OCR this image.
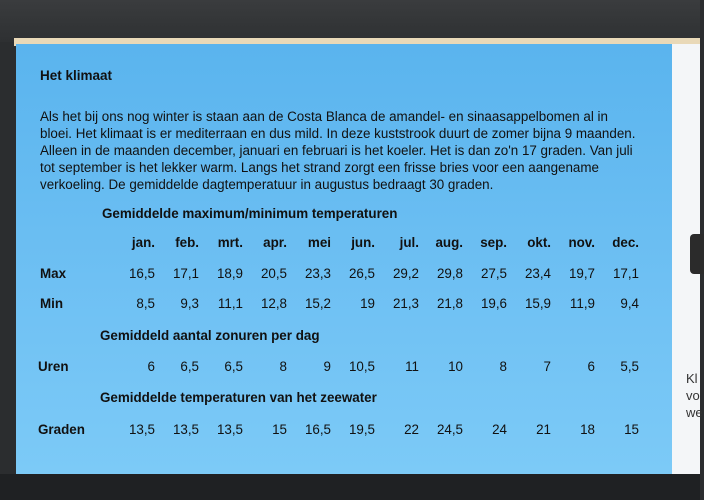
Het klimaat
Als het bij ons nog winter is staan aan de Costa Blanca de amandel- en sinaasappelbomen al in bloei. Het klimaat is er mediterraan en dus mild. In deze kuststrook duurt de zomer bijna 9 maanden. Alleen in de maanden december, januari en februari is het koeler. Het is dan zo'n 17 graden. Van juli tot september is het lekker warm. Langs het strand zorgt een frisse bries voor een aangename verkoeling. De gemiddelde dagtemperatuur in augustus bedraagt 30 graden.
Gemiddelde maximum/minimum temperaturen
jan.	feb.	mrt.	apr.	mei	jun.	jul.	aug.	sep.	okt.	nov.	dec.
Max	16,5	17,1	18,9	20,5	23,3	26,5	29,2	29,8	27,5	23,4	19,7	17,1
Min	8,5	9,3	11,1	12,8	15,2	19	21,3	21,8	19,6	15,9	11,9	9,4
Gemiddeld aantal zonuren per dag
Uren	6	6,5	6,5	8	9	10,5	11	10	8	7	6	5,5
Gemiddelde temperaturen van het zeewater
Graden	13,5	13,5	13,5	15	16,5	19,5	22	24,5	24	21	18	15
Kl
vo
we
